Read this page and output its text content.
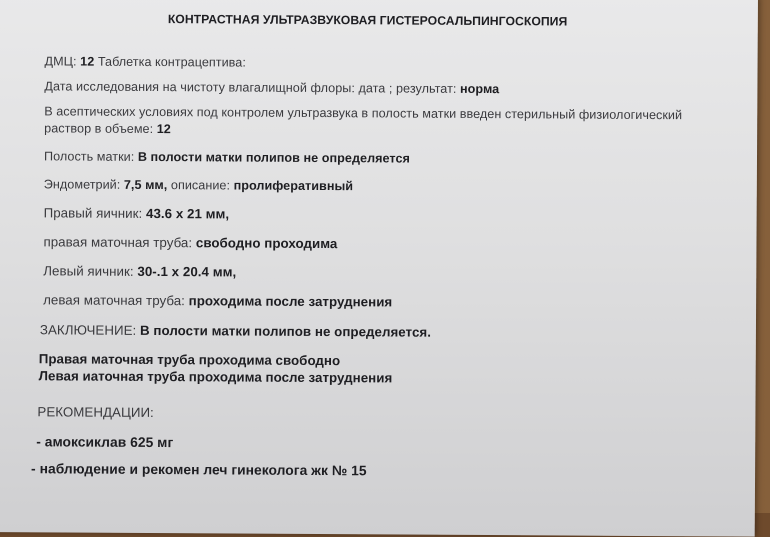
КОНТРАСТНАЯ УЛЬТРАЗВУКОВАЯ ГИСТЕРОСАЛЬПИНГОСКОПИЯ
ДМЦ: 12 Таблетка контрацептива:
Дата исследования на чистоту влагалищной флоры: дата ; результат: норма
В асептических условиях под контролем ультразвука в полость матки введен стерильный физиологический
раствор в объеме: 12
Полость матки: В полости матки полипов не определяется
Эндометрий: 7,5 мм, описание: пролиферативный
Правый яичник: 43.6 х 21 мм,
правая маточная труба: свободно проходима
Левый яичник: 30-.1 х 20.4 мм,
левая маточная труба: проходима после затруднения
ЗАКЛЮЧЕНИЕ: В полости матки полипов не определяется.
Правая маточная труба проходима свободно
Левая иаточная труба проходима после затруднения
РЕКОМЕНДАЦИИ:
- амоксиклав 625 мг
- наблюдение и рекомен леч гинеколога жк № 15
